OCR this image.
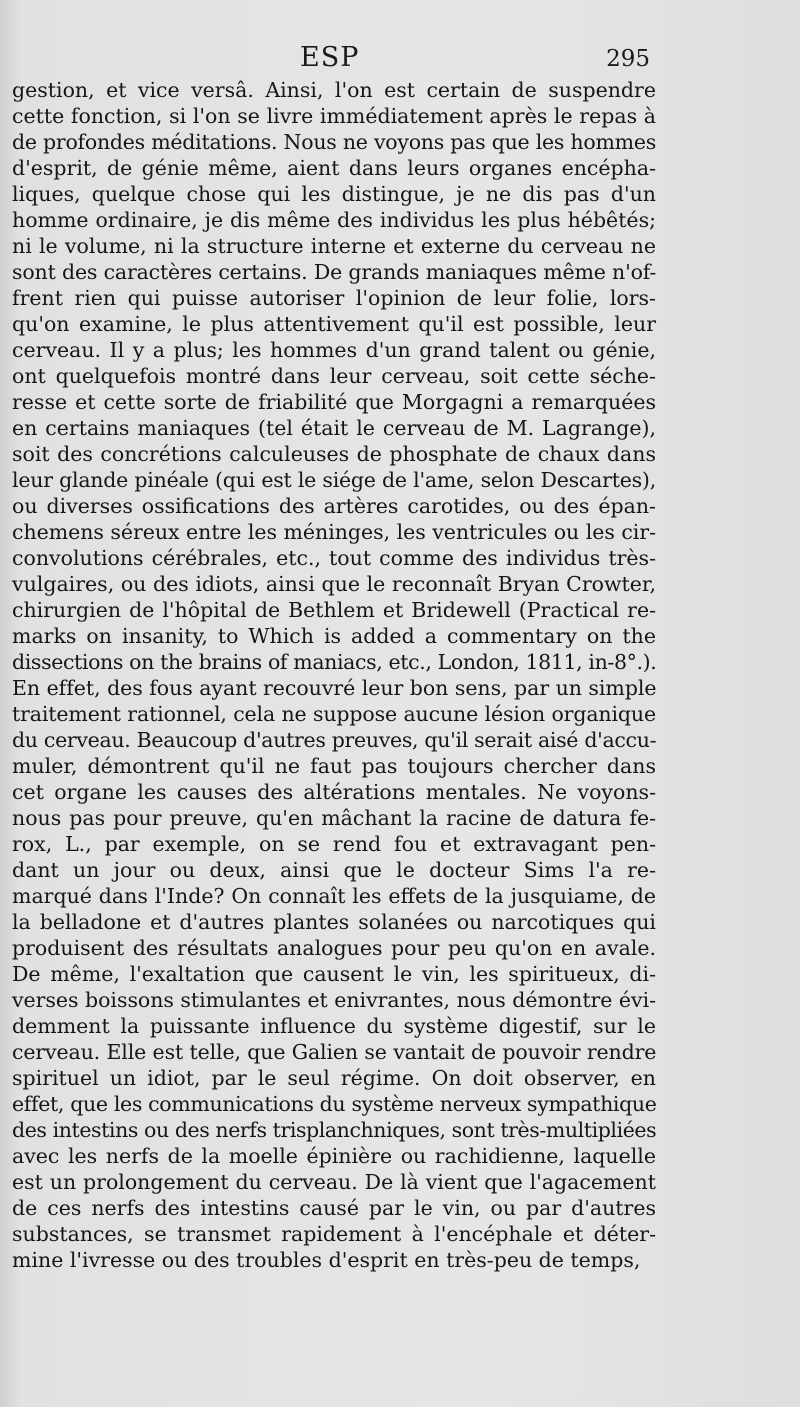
ESP	295
gestion, et vice versâ. Ainsi, l'on est certain de suspendre
cette fonction, si l'on se livre immédiatement après le repas à
de profondes méditations. Nous ne voyons pas que les hommes
d'esprit, de génie même, aient dans leurs organes encépha-
liques, quelque chose qui les distingue, je ne dis pas d'un
homme ordinaire, je dis même des individus les plus hébêtés;
ni le volume, ni la structure interne et externe du cerveau ne
sont des caractères certains. De grands maniaques même n'of-
frent rien qui puisse autoriser l'opinion de leur folie, lors-
qu'on examine, le plus attentivement qu'il est possible, leur
cerveau. Il y a plus; les hommes d'un grand talent ou génie,
ont quelquefois montré dans leur cerveau, soit cette séche-
resse et cette sorte de friabilité que Morgagni a remarquées
en certains maniaques (tel était le cerveau de M. Lagrange),
soit des concrétions calculeuses de phosphate de chaux dans
leur glande pinéale (qui est le siége de l'ame, selon Descartes),
ou diverses ossifications des artères carotides, ou des épan-
chemens séreux entre les méninges, les ventricules ou les cir-
convolutions cérébrales, etc., tout comme des individus très-
vulgaires, ou des idiots, ainsi que le reconnaît Bryan Crowter,
chirurgien de l'hôpital de Bethlem et Bridewell (Practical re-
marks on insanity, to Which is added a commentary on the
dissections on the brains of maniacs, etc., London, 1811, in-8°.).
En effet, des fous ayant recouvré leur bon sens, par un simple
traitement rationnel, cela ne suppose aucune lésion organique
du cerveau. Beaucoup d'autres preuves, qu'il serait aisé d'accu-
muler, démontrent qu'il ne faut pas toujours chercher dans
cet organe les causes des altérations mentales. Ne voyons-
nous pas pour preuve, qu'en mâchant la racine de datura fe-
rox, L., par exemple, on se rend fou et extravagant pen-
dant un jour ou deux, ainsi que le docteur Sims l'a re-
marqué dans l'Inde? On connaît les effets de la jusquiame, de
la belladone et d'autres plantes solanées ou narcotiques qui
produisent des résultats analogues pour peu qu'on en avale.
De même, l'exaltation que causent le vin, les spiritueux, di-
verses boissons stimulantes et enivrantes, nous démontre évi-
demment la puissante influence du système digestif, sur le
cerveau. Elle est telle, que Galien se vantait de pouvoir rendre
spirituel un idiot, par le seul régime. On doit observer, en
effet, que les communications du système nerveux sympathique
des intestins ou des nerfs trisplanchniques, sont très-multipliées
avec les nerfs de la moelle épinière ou rachidienne, laquelle
est un prolongement du cerveau. De là vient que l'agacement
de ces nerfs des intestins causé par le vin, ou par d'autres
substances, se transmet rapidement à l'encéphale et déter-
mine l'ivresse ou des troubles d'esprit en très-peu de temps,
